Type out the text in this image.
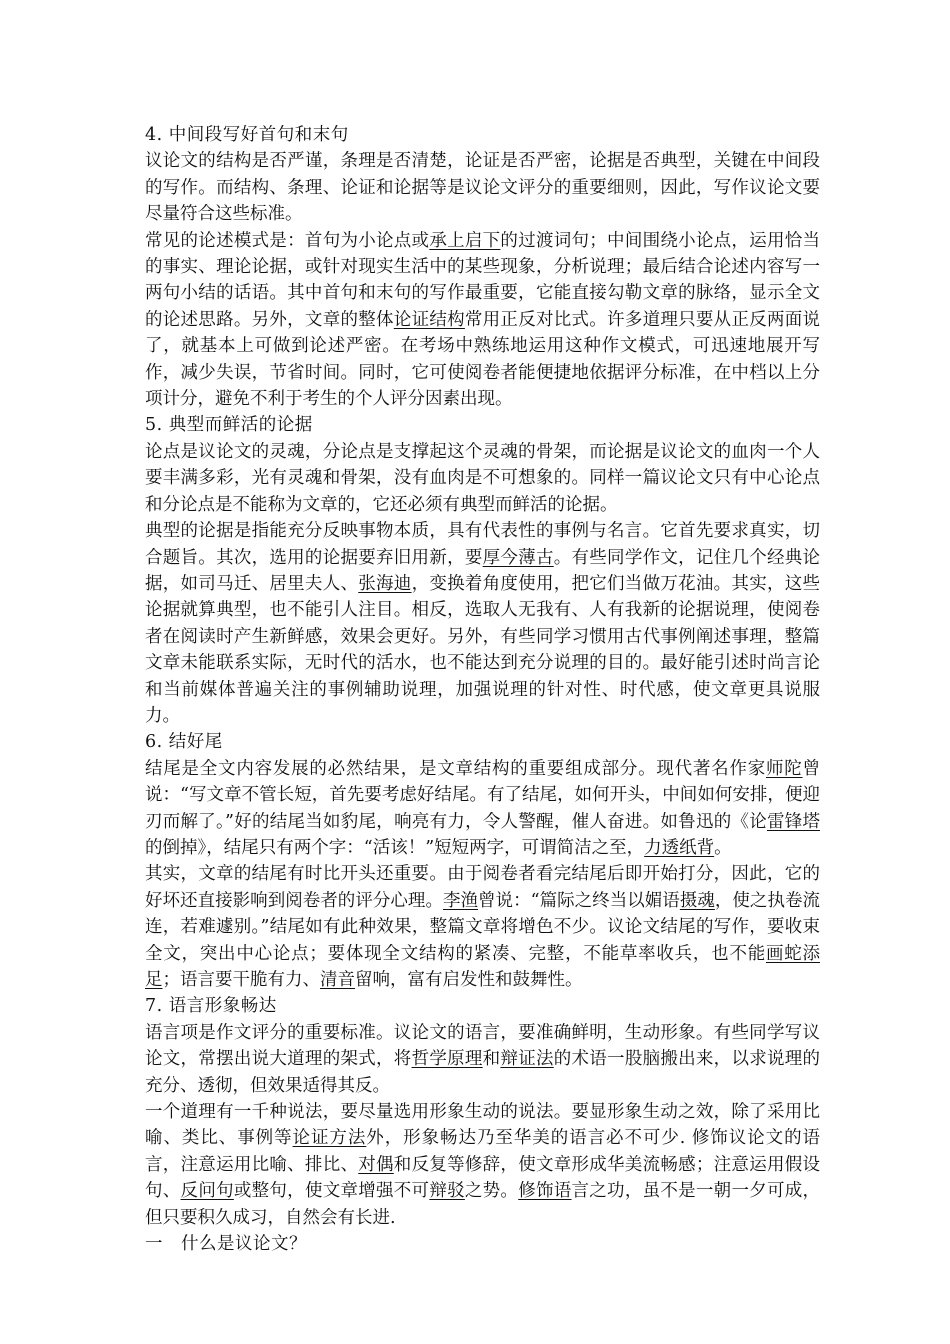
4. 中间段写好首句和末句

议论文的结构是否严谨，条理是否清楚，论证是否严密，论据是否典型，关键在中间段的写作。而结构、条理、论证和论据等是议论文评分的重要细则，因此，写作议论文要尽量符合这些标准。

常见的论述模式是：首句为小论点或承上启下的过渡词句；中间围绕小论点，运用恰当的事实、理论论据，或针对现实生活中的某些现象，分析说理；最后结合论述内容写一两句小结的话语。其中首句和末句的写作最重要，它能直接勾勒文章的脉络，显示全文的论述思路。另外，文章的整体论证结构常用正反对比式。许多道理只要从正反两面说了，就基本上可做到论述严密。在考场中熟练地运用这种作文模式，可迅速地展开写作，减少失误，节省时间。同时，它可使阅卷者能便捷地依据评分标准，在中档以上分项计分，避免不利于考生的个人评分因素出现。

5. 典型而鲜活的论据

论点是议论文的灵魂，分论点是支撑起这个灵魂的骨架，而论据是议论文的血肉一个人要丰满多彩，光有灵魂和骨架，没有血肉是不可想象的。同样一篇议论文只有中心论点和分论点是不能称为文章的，它还必须有典型而鲜活的论据。

典型的论据是指能充分反映事物本质，具有代表性的事例与名言。它首先要求真实，切合题旨。其次，选用的论据要弃旧用新，要厚今薄古。有些同学作文，记住几个经典论据，如司马迁、居里夫人、张海迪，变换着角度使用，把它们当做万花油。其实，这些论据就算典型，也不能引人注目。相反，选取人无我有、人有我新的论据说理，使阅卷者在阅读时产生新鲜感，效果会更好。另外，有些同学习惯用古代事例阐述事理，整篇文章未能联系实际，无时代的活水，也不能达到充分说理的目的。最好能引述时尚言论和当前媒体普遍关注的事例辅助说理，加强说理的针对性、时代感，使文章更具说服力。

6. 结好尾

结尾是全文内容发展的必然结果，是文章结构的重要组成部分。现代著名作家师陀曾说：“写文章不管长短，首先要考虑好结尾。有了结尾，如何开头，中间如何安排，便迎刃而解了。”好的结尾当如豹尾，响亮有力，令人警醒，催人奋进。如鲁迅的《论雷锋塔的倒掉》，结尾只有两个字：“活该！”短短两字，可谓简洁之至，力透纸背。

其实，文章的结尾有时比开头还重要。由于阅卷者看完结尾后即开始打分，因此，它的好坏还直接影响到阅卷者的评分心理。李渔曾说：“篇际之终当以媚语摄魂，使之执卷流连，若难遽别。”结尾如有此种效果，整篇文章将增色不少。议论文结尾的写作，要收束全文，突出中心论点；要体现全文结构的紧凑、完整，不能草率收兵，也不能画蛇添足；语言要干脆有力、清音留响，富有启发性和鼓舞性。

7. 语言形象畅达

语言项是作文评分的重要标准。议论文的语言，要准确鲜明，生动形象。有些同学写议论文，常摆出说大道理的架式，将哲学原理和辩证法的术语一股脑搬出来，以求说理的充分、透彻，但效果适得其反。

一个道理有一千种说法，要尽量选用形象生动的说法。要显形象生动之效，除了采用比喻、类比、事例等论证方法外，形象畅达乃至华美的语言必不可少. 修饰议论文的语言，注意运用比喻、排比、对偶和反复等修辞，使文章形成华美流畅感；注意运用假设句、反问句或整句，使文章增强不可辩驳之势。修饰语言之功，虽不是一朝一夕可成，但只要积久成习，自然会有长进.

一　什么是议论文？
